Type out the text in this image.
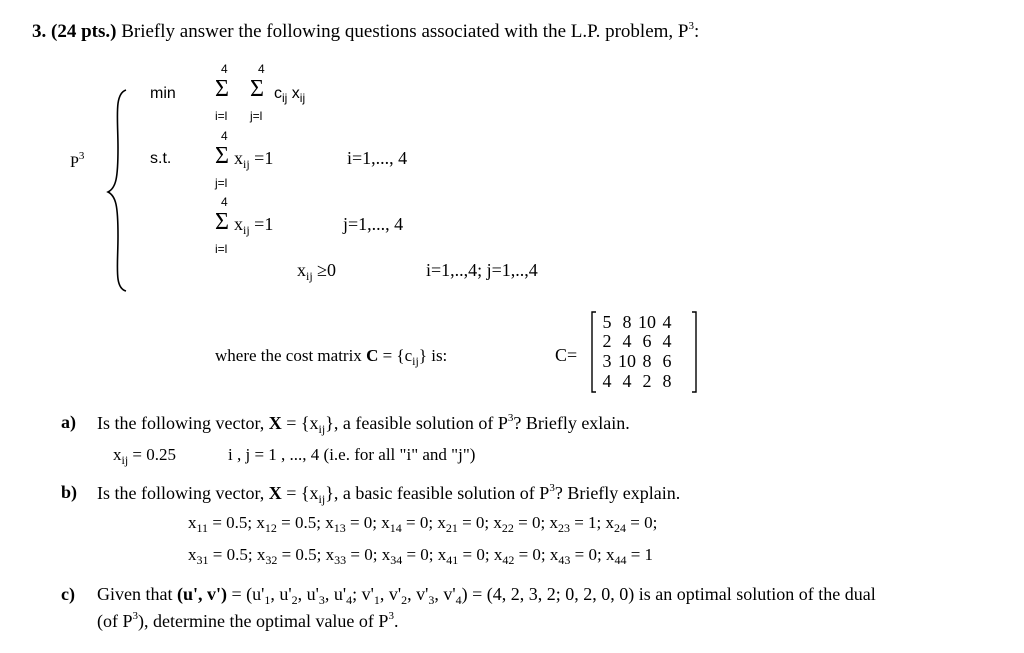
3. (24 pts.) Briefly answer the following questions associated with the L.P. problem, $P^3$:
$P^3$
min
s.t.
4	4
Σ Σ $c_{ij}$ $x_{ij}$
i=l j=l
4
Σ $x_{ij} =1$	i=1,..., 4
j=l
4
Σ $x_{ij} =1$	j=1,..., 4
i=l
$x_{ij} \ge 0$	i=1,..,4; j=1,..,4
where the cost matrix $C = \{c_{ij}\}$ is:	C=
5 8 10 4
2 4 6 4
3 10 8 6
4 4 2 8
a) Is the following vector, $X = \{x_{ij}\}$, a feasible solution of $P^3$? Briefly exlain.
$x_{ij} = 0.25$	i , j = 1 , ..., 4 (i.e. for all "i" and "j")
b) Is the following vector, $X = \{x_{ij}\}$, a basic feasible solution of $P^3$? Briefly explain.
$x_{11} = 0.5$; $x_{12} = 0.5$; $x_{13} = 0$; $x_{14} = 0$; $x_{21} = 0$; $x_{22} = 0$; $x_{23} = 1$; $x_{24} = 0$;
$x_{31} = 0.5$; $x_{32} = 0.5$; $x_{33} = 0$; $x_{34} = 0$; $x_{41} = 0$; $x_{42} = 0$; $x_{43} = 0$; $x_{44} = 1$
c) Given that (u', $v') = (u'_1$, $u'_2$, $u'_3$, $u'_4$; $v'_1$, $v'_2$, $v'_3$, $v'_4) = (4$, 2, 3, 2; 0, 2, 0, 0) is an optimal solution of the dual
(of $P^3$), determine the optimal value of $P^3$.
